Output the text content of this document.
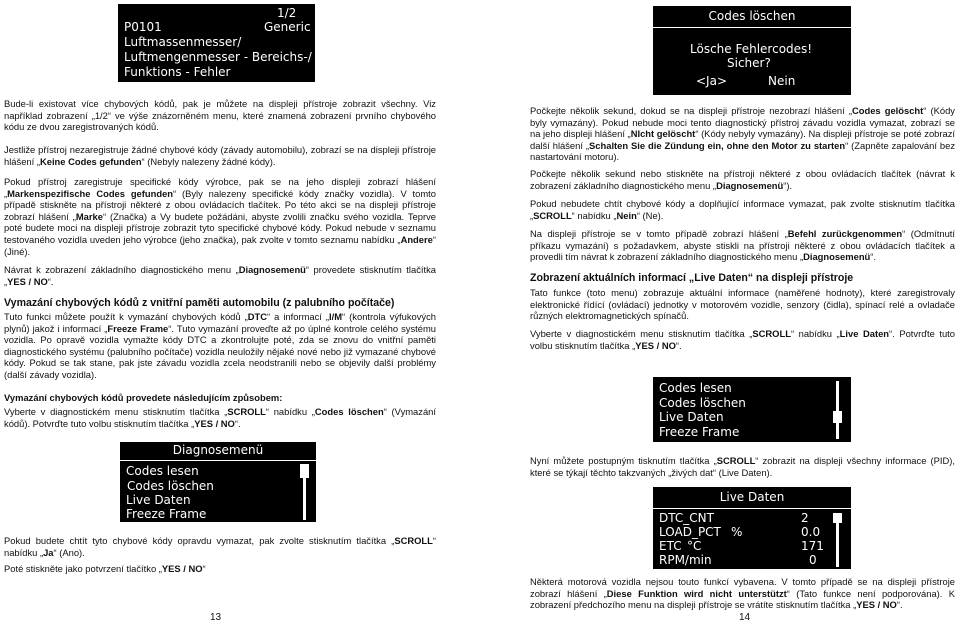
1/2
P0101	Generic
Luftmassenmesser/
Luftmengenmesser - Bereichs-/
Funktions - Fehler
Bude-li existovat více chybových kódů, pak je můžete na displeji přístroje zobrazit všechny. Viz například zobrazení „1/2“ ve výše znázorněném menu, které znamená zobrazení prvního chybového kódu ze dvou zaregistrovaných kódů.
Jestliže přístroj nezaregistruje žádné chybové kódy (závady automobilu), zobrazí se na displeji přístroje hlášení „Keine Codes gefunden“ (Nebyly nalezeny žádné kódy).
Pokud přístroj zaregistruje specifické kódy výrobce, pak se na jeho displeji zobrazí hlášení „Markenspezifische Codes gefunden“ (Byly nalezeny specifické kódy značky vozidla). V tomto případě stiskněte na přístroji některé z obou ovládacích tlačítek. Po této akci se na displeji přístroje zobrazí hlášení „Marke“ (Značka) a Vy budete požádáni, abyste zvolili značku svého vozidla. Teprve poté budete moci na displeji přístroje zobrazit tyto specifické chybové kódy. Pokud nebude v seznamu testovaného vozidla uveden jeho výrobce (jeho značka), pak zvolte v tomto seznamu nabídku „Andere“ (Jiné).
Návrat k zobrazení základního diagnostického menu „Diagnosemenü“ provedete stisknutím tlačítka „YES / NO“.
Vymazání chybových kódů z vnitřní paměti automobilu (z palubního počítače)
Tuto funkci můžete použít k vymazání chybových kódů „DTC“ a informací „I/M“ (kontrola výfukových plynů) jakož i informací „Freeze Frame“. Tuto vymazání proveďte až po úplné kontrole celého systému vozidla. Po opravě vozidla vymažte kódy DTC a zkontrolujte poté, zda se znovu do vnitřní paměti diagnostického systému (palubního počítače) vozidla neuložily nějaké nové nebo již vymazané chybové kódy. Pokud se tak stane, pak jste závadu vozidla zcela neodstranili nebo se objevily další problémy (další závady vozidla).
Vymazání chybových kódů provedete následujícím způsobem:
Vyberte v diagnostickém menu stisknutím tlačítka „SCROLL“ nabídku „Codes löschen“ (Vymazání kódů). Potvrďte tuto volbu stisknutím tlačítka „YES / NO“.
Diagnosemenü
Codes lesen
Codes löschen
Live Daten
Freeze Frame
Pokud budete chtít tyto chybové kódy opravdu vymazat, pak zvolte stisknutím tlačítka „SCROLL“ nabídku „Ja“ (Ano).
Poté stiskněte jako potvrzení tlačítko „YES / NO“
13
Codes löschen
Lösche Fehlercodes!
Sicher?
<Ja>	Nein
Počkejte několik sekund, dokud se na displeji přístroje nezobrazí hlášení „Codes gelöscht“ (Kódy byly vymazány). Pokud nebude moci tento diagnostický přístroj závadu vozidla vymazat, zobrazí se na jeho displeji hlášení „NIcht gelöscht“ (Kódy nebyly vymazány). Na displeji přístroje se poté zobrazí další hlášení „Schalten Sie die Zündung ein, ohne den Motor zu starten“ (Zapněte zapalování bez nastartování motoru).
Počkejte několik sekund nebo stiskněte na přístroji některé z obou ovládacích tlačítek (návrat k zobrazení základního diagnostického menu „Diagnosemenü“).
Pokud nebudete chtít chybové kódy a doplňující informace vymazat, pak zvolte stisknutím tlačítka „SCROLL“ nabídku „Nein“ (Ne).
Na displeji přístroje se v tomto případě zobrazí hlášení „Befehl zurückgenommen“ (Odmítnutí příkazu vymazání) s požadavkem, abyste stiskli na přístroji některé z obou ovládacích tlačítek a provedli tím návrat k zobrazení základního diagnostického menu „Diagnosemenü“.
Zobrazení aktuálních informací „Live Daten“ na displeji přístroje
Tato funkce (toto menu) zobrazuje aktuální informace (naměřené hodnoty), které zaregistrovaly elektronické řídící (ovládací) jednotky v motorovém vozidle, senzory (čidla), spínací relé a ovladače různých elektromagnetických spínačů.
Vyberte v diagnostickém menu stisknutím tlačítka „SCROLL“ nabídku „Live Daten“. Potvrďte tuto volbu stisknutím tlačítka „YES / NO“.
Codes lesen
Codes löschen
Live Daten
Freeze Frame
Nyní můžete postupným tisknutím tlačítka „SCROLL“ zobrazit na displeji všechny informace (PID), které se týkají těchto takzvaných „živých dat“ (Live Daten).
Live Daten
DTC_CNT	2
LOAD_PCT %	0.0
ETC °C	171
RPM/min	0
Některá motorová vozidla nejsou touto funkcí vybavena. V tomto případě se na displeji přístroje zobrazí hlášení „Diese Funktion wird nicht unterstützt“ (Tato funkce není podporována). K zobrazení předchozího menu na displeji přístroje se vrátíte stisknutím tlačítka „YES / NO“.
14
